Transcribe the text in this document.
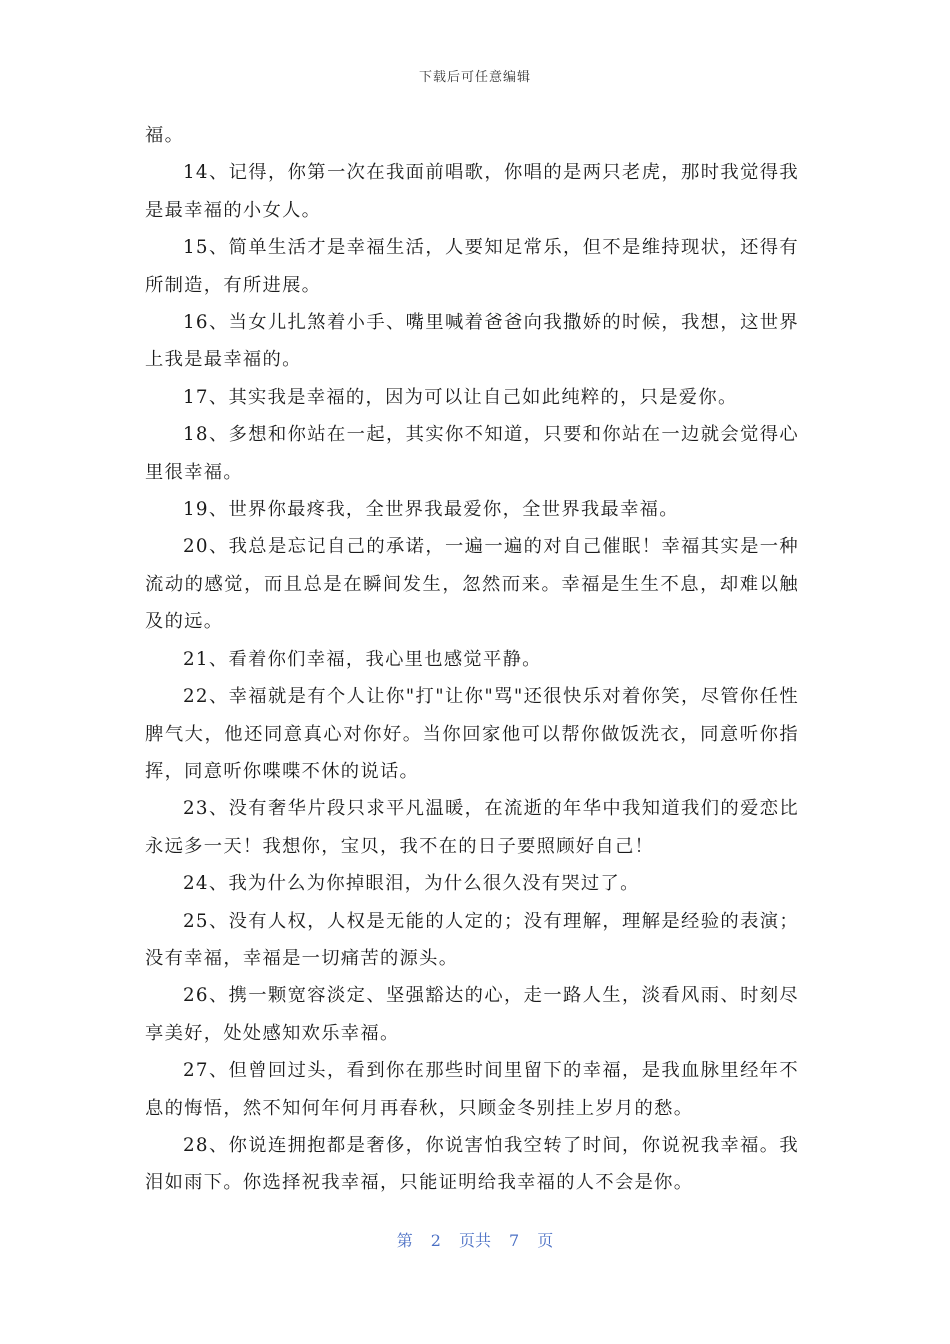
下载后可任意编辑

福。

14、记得，你第一次在我面前唱歌，你唱的是两只老虎，那时我觉得我是最幸福的小女人。

15、简单生活才是幸福生活，人要知足常乐，但不是维持现状，还得有所制造，有所进展。

16、当女儿扎煞着小手、嘴里喊着爸爸向我撒娇的时候，我想，这世界上我是最幸福的。

17、其实我是幸福的，因为可以让自己如此纯粹的，只是爱你。

18、多想和你站在一起，其实你不知道，只要和你站在一边就会觉得心里很幸福。

19、世界你最疼我，全世界我最爱你，全世界我最幸福。

20、我总是忘记自己的承诺，一遍一遍的对自己催眠！幸福其实是一种流动的感觉，而且总是在瞬间发生，忽然而来。幸福是生生不息，却难以触及的远。

21、看着你们幸福，我心里也感觉平静。

22、幸福就是有个人让你"打"让你"骂"还很快乐对着你笑，尽管你任性脾气大，他还同意真心对你好。当你回家他可以帮你做饭洗衣，同意听你指挥，同意听你喋喋不休的说话。

23、没有奢华片段只求平凡温暖，在流逝的年华中我知道我们的爱恋比永远多一天！我想你，宝贝，我不在的日子要照顾好自己！

24、我为什么为你掉眼泪，为什么很久没有哭过了。

25、没有人权，人权是无能的人定的；没有理解，理解是经验的表演；没有幸福，幸福是一切痛苦的源头。

26、携一颗宽容淡定、坚强豁达的心，走一路人生，淡看风雨、时刻尽享美好，处处感知欢乐幸福。

27、但曾回过头，看到你在那些时间里留下的幸福，是我血脉里经年不息的悔悟，然不知何年何月再春秋，只顾金冬别挂上岁月的愁。

28、你说连拥抱都是奢侈，你说害怕我空转了时间，你说祝我幸福。我泪如雨下。你选择祝我幸福，只能证明给我幸福的人不会是你。

第 2 页共 7 页
